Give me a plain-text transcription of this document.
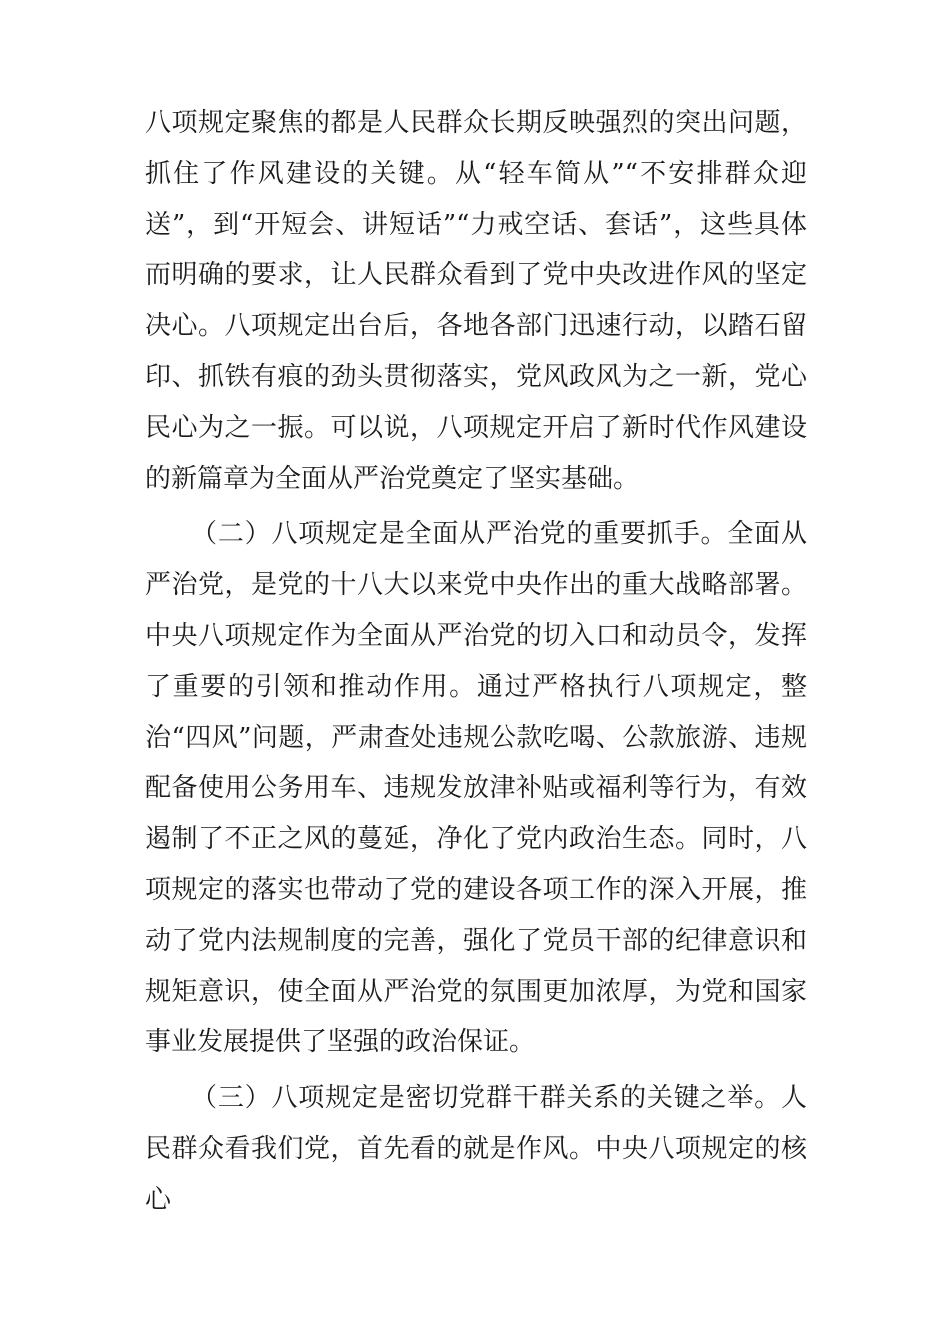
八项规定聚焦的都是人民群众长期反映强烈的突出问题，抓住了作风建设的关键。从“轻车简从”“不安排群众迎送”，到“开短会、讲短话”“力戒空话、套话”，这些具体而明确的要求，让人民群众看到了党中央改进作风的坚定决心。八项规定出台后，各地各部门迅速行动，以踏石留印、抓铁有痕的劲头贯彻落实，党风政风为之一新，党心民心为之一振。可以说，八项规定开启了新时代作风建设的新篇章为全面从严治党奠定了坚实基础。

（二）八项规定是全面从严治党的重要抓手。全面从严治党，是党的十八大以来党中央作出的重大战略部署。中央八项规定作为全面从严治党的切入口和动员令，发挥了重要的引领和推动作用。通过严格执行八项规定，整治“四风”问题，严肃查处违规公款吃喝、公款旅游、违规配备使用公务用车、违规发放津补贴或福利等行为，有效遏制了不正之风的蔓延，净化了党内政治生态。同时，八项规定的落实也带动了党的建设各项工作的深入开展，推动了党内法规制度的完善，强化了党员干部的纪律意识和规矩意识，使全面从严治党的氛围更加浓厚，为党和国家事业发展提供了坚强的政治保证。

（三）八项规定是密切党群干群关系的关键之举。人民群众看我们党，首先看的就是作风。中央八项规定的核心
